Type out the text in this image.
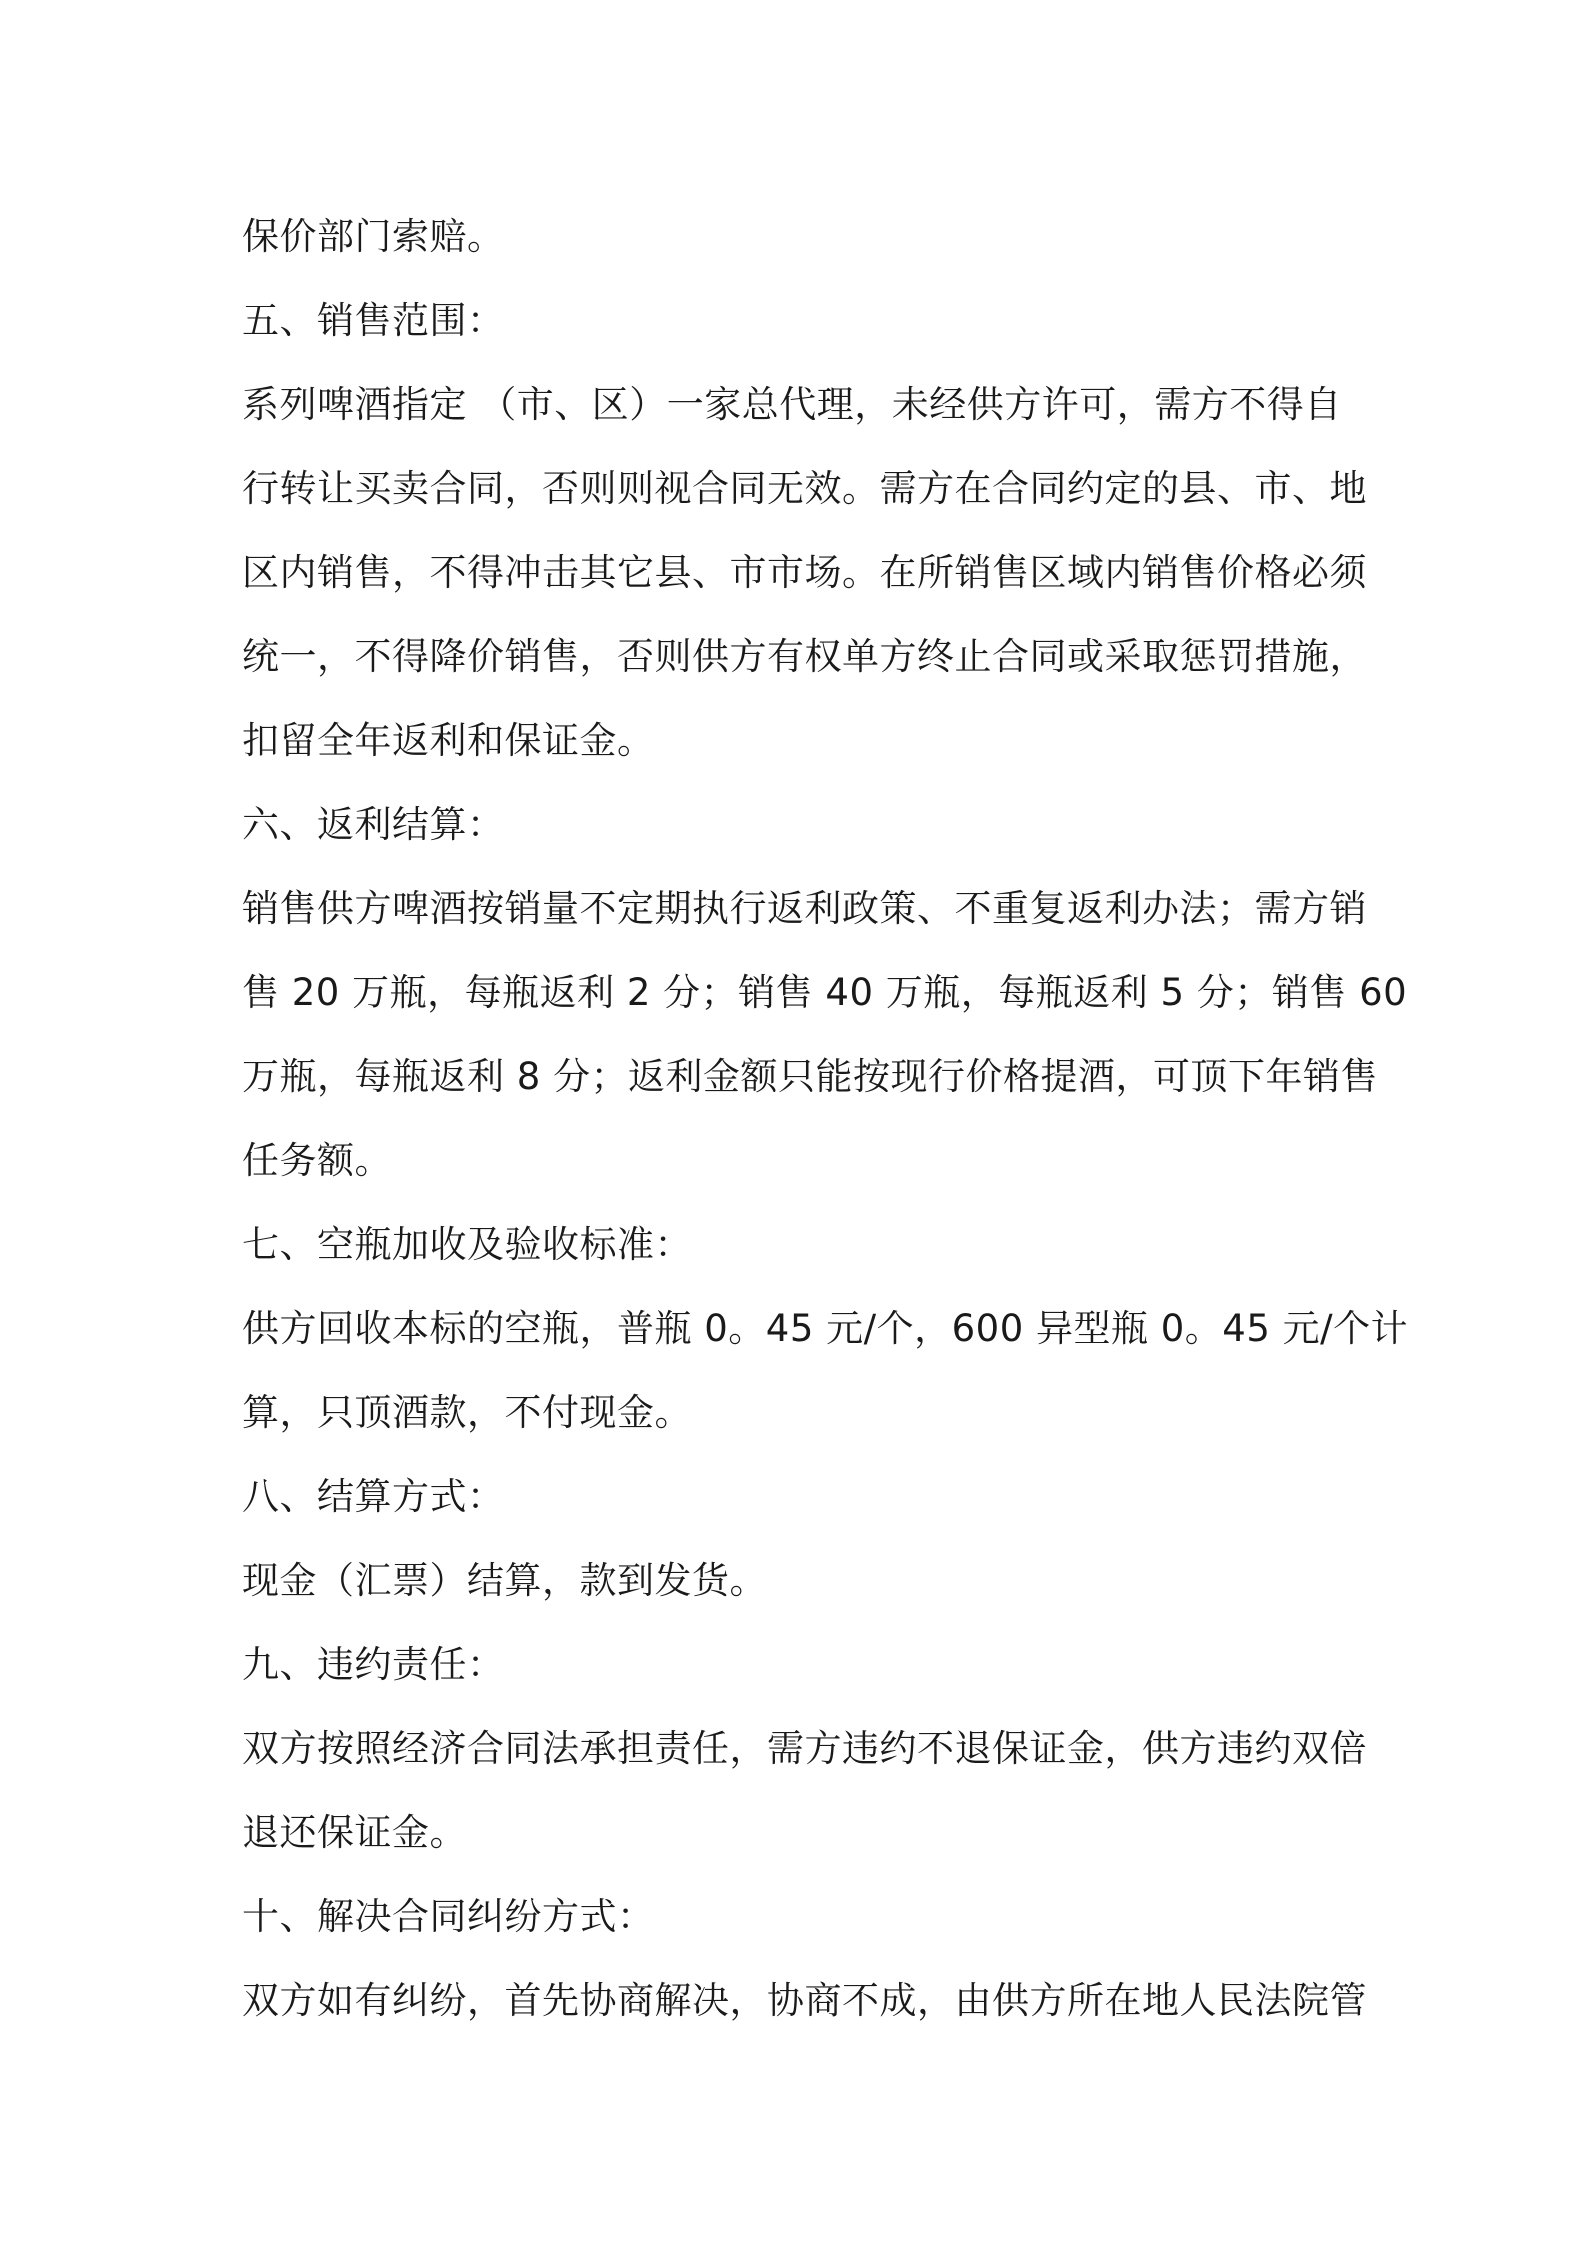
保价部门索赔。
五、销售范围：
系列啤酒指定 （市、区）一家总代理，未经供方许可，需方不得自
行转让买卖合同，否则则视合同无效。需方在合同约定的县、市、地
区内销售，不得冲击其它县、市市场。在所销售区域内销售价格必须
统一，不得降价销售，否则供方有权单方终止合同或采取惩罚措施，
扣留全年返利和保证金。
六、返利结算：
销售供方啤酒按销量不定期执行返利政策、不重复返利办法；需方销
售 20 万瓶，每瓶返利 2 分；销售 40 万瓶，每瓶返利 5 分；销售 60
万瓶，每瓶返利 8 分；返利金额只能按现行价格提酒，可顶下年销售
任务额。
七、空瓶加收及验收标准：
供方回收本标的空瓶，普瓶 0。45 元/个，600 异型瓶 0。45 元/个计
算，只顶酒款，不付现金。
八、结算方式：
现金（汇票）结算，款到发货。
九、违约责任：
双方按照经济合同法承担责任，需方违约不退保证金，供方违约双倍
退还保证金。
十、解决合同纠纷方式：
双方如有纠纷，首先协商解决，协商不成，由供方所在地人民法院管
